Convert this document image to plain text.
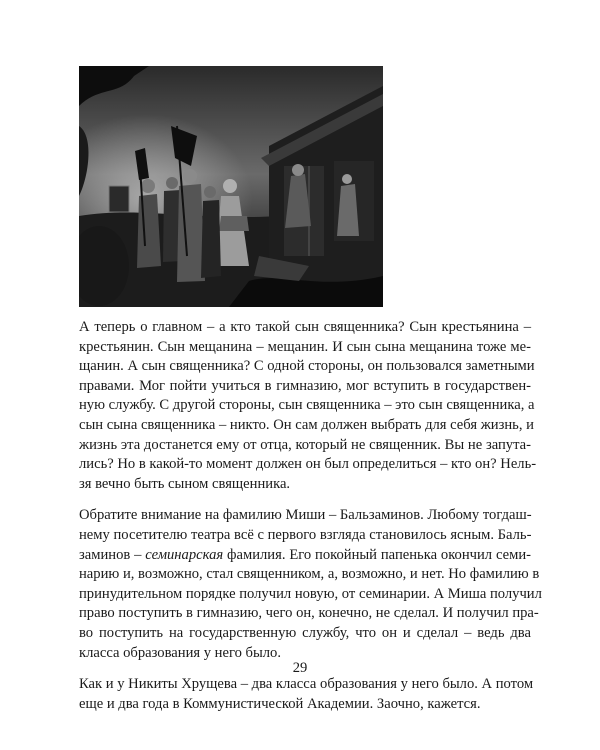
А теперь о главном – а кто такой сын священника? Сын крестьянина –
крестьянин. Сын мещанина – мещанин. И сын сына мещанина тоже ме-
щанин. А сын священника? С одной стороны, он пользовался заметными
правами. Мог пойти учиться в гимназию, мог вступить в государствен-
ную службу. С другой стороны, сын священника – это сын священника, а
сын сына священника – никто. Он сам должен выбрать для себя жизнь, и
жизнь эта достанется ему от отца, который не священник. Вы не запута-
лись? Но в какой-то момент должен он был определиться – кто он? Нель-
зя вечно быть сыном священника.

Обратите внимание на фамилию Миши – Бальзаминов. Любому тогдаш-
нему посетителю театра всё с первого взгляда становилось ясным. Баль-
заминов – семинарская фамилия. Его покойный папенька окончил семи-
нарию и, возможно, стал священником, а, возможно, и нет. Но фамилию в
принудительном порядке получил новую, от семинарии. А Миша получил
право поступить в гимназию, чего он, конечно, не сделал. И получил пра-
во поступить на государственную службу, что он и сделал – ведь два
класса образования у него было.

Как и у Никиты Хрущева – два класса образования у него было. А потом
еще и два года в Коммунистической Академии. Заочно, кажется.

29
